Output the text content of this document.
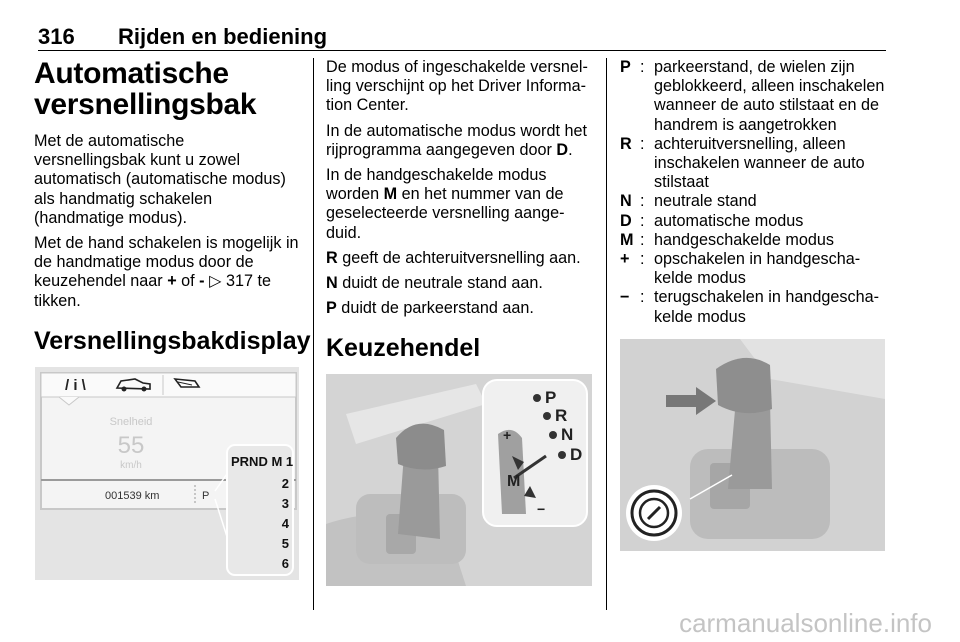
316 Rijden en bediening
Automatische versnellingsbak

Met de automatische versnellingsbak kunt u zowel automatisch (automatische modus) als handmatig schakelen (handmatige modus).

Met de hand schakelen is mogelijk in de handmatige modus door de keuzehendel naar + of - ▷ 317 te tikken.

Versnellingsbakdisplay
/ i \
Snelheid
55
km/h
001539 km	P
PRND M 1
2
3
4
5
6

De modus of ingeschakelde versnelling verschijnt op het Driver Information Center.

In de automatische modus wordt het rijprogramma aangegeven door D.

In de handgeschakelde modus worden M en het nummer van de geselecteerde versnelling aangeduid.

R geeft de achteruitversnelling aan.

N duidt de neutrale stand aan.

P duidt de parkeerstand aan.

Keuzehendel
P
R
N
D
M
+
−
P : parkeerstand, de wielen zijn geblokkeerd, alleen inschakelen wanneer de auto stilstaat en de handrem is aangetrokken
R : achteruitversnelling, alleen inschakelen wanneer de auto stilstaat
N : neutrale stand
D : automatische modus
M : handgeschakelde modus
+ : opschakelen in handgeschakelde modus
− : terugschakelen in handgeschakelde modus
carmanualsonline.info
